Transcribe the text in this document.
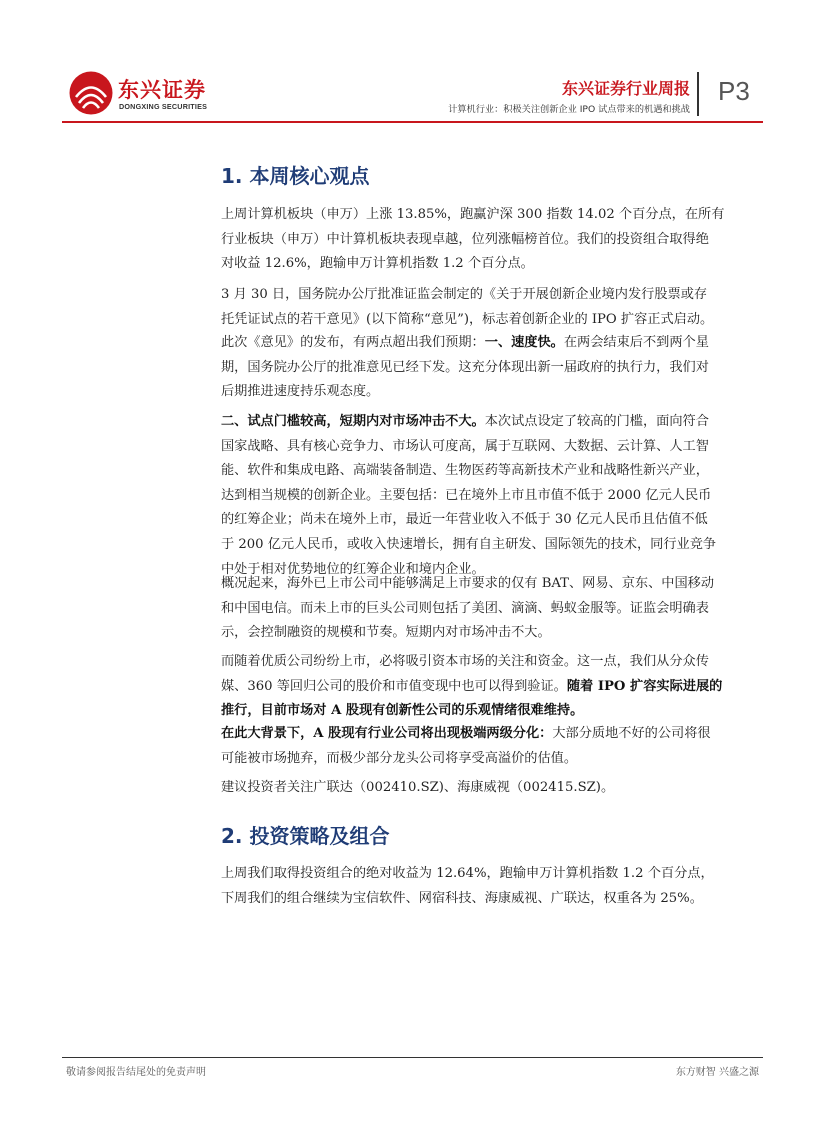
东兴证券
DONGXING SECURITIES
东兴证券行业周报
计算机行业：积极关注创新企业 IPO 试点带来的机遇和挑战
P3
1. 本周核心观点
上周计算机板块（申万）上涨 13.85%，跑赢沪深 300 指数 14.02 个百分点，在所有
行业板块（申万）中计算机板块表现卓越，位列涨幅榜首位。我们的投资组合取得绝
对收益 12.6%，跑输申万计算机指数 1.2 个百分点。
3 月 30 日，国务院办公厅批准证监会制定的《关于开展创新企业境内发行股票或存
托凭证试点的若干意见》(以下简称“意见”)，标志着创新企业的 IPO 扩容正式启动。
此次《意见》的发布，有两点超出我们预期：一、速度快。在两会结束后不到两个星
期，国务院办公厅的批准意见已经下发。这充分体现出新一届政府的执行力，我们对
后期推进速度持乐观态度。
二、试点门槛较高，短期内对市场冲击不大。本次试点设定了较高的门槛，面向符合
国家战略、具有核心竞争力、市场认可度高，属于互联网、大数据、云计算、人工智
能、软件和集成电路、高端装备制造、生物医药等高新技术产业和战略性新兴产业，
达到相当规模的创新企业。主要包括：已在境外上市且市值不低于 2000 亿元人民币
的红筹企业；尚未在境外上市，最近一年营业收入不低于 30 亿元人民币且估值不低
于 200 亿元人民币，或收入快速增长，拥有自主研发、国际领先的技术，同行业竞争
中处于相对优势地位的红筹企业和境内企业。
概况起来，海外已上市公司中能够满足上市要求的仅有 BAT、网易、京东、中国移动
和中国电信。而未上市的巨头公司则包括了美团、滴滴、蚂蚁金服等。证监会明确表
示，会控制融资的规模和节奏。短期内对市场冲击不大。
而随着优质公司纷纷上市，必将吸引资本市场的关注和资金。这一点，我们从分众传
媒、360 等回归公司的股价和市值变现中也可以得到验证。随着 IPO 扩容实际进展的
推行，目前市场对 A 股现有创新性公司的乐观情绪很难维持。
在此大背景下，A 股现有行业公司将出现极端两级分化：大部分质地不好的公司将很
可能被市场抛弃，而极少部分龙头公司将享受高溢价的估值。
建议投资者关注广联达（002410.SZ)、海康威视（002415.SZ)。
2. 投资策略及组合
上周我们取得投资组合的绝对收益为 12.64%，跑输申万计算机指数 1.2 个百分点，
下周我们的组合继续为宝信软件、网宿科技、海康威视、广联达，权重各为 25%。
敬请参阅报告结尾处的免责声明	东方财智 兴盛之源
